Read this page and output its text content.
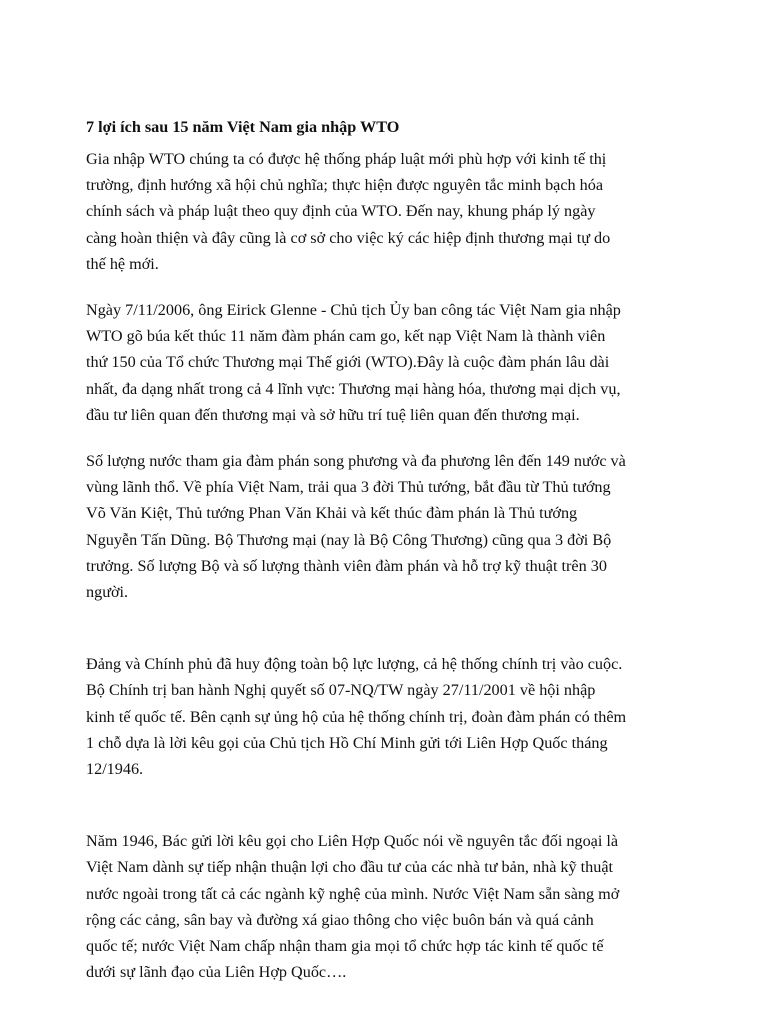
7 lợi ích sau 15 năm Việt Nam gia nhập WTO

Gia nhập WTO chúng ta có được hệ thống pháp luật mới phù hợp với kinh tế thị
trường, định hướng xã hội chủ nghĩa; thực hiện được nguyên tắc minh bạch hóa
chính sách và pháp luật theo quy định của WTO. Đến nay, khung pháp lý ngày
càng hoàn thiện và đây cũng là cơ sở cho việc ký các hiệp định thương mại tự do
thế hệ mới.

Ngày 7/11/2006, ông Eirick Glenne - Chủ tịch Ủy ban công tác Việt Nam gia nhập
WTO gõ búa kết thúc 11 năm đàm phán cam go, kết nạp Việt Nam là thành viên
thứ 150 của Tổ chức Thương mại Thế giới (WTO).Đây là cuộc đàm phán lâu dài
nhất, đa dạng nhất trong cả 4 lĩnh vực: Thương mại hàng hóa, thương mại dịch vụ,
đầu tư liên quan đến thương mại và sở hữu trí tuệ liên quan đến thương mại.

Số lượng nước tham gia đàm phán song phương và đa phương lên đến 149 nước và
vùng lãnh thổ. Về phía Việt Nam, trải qua 3 đời Thủ tướng, bắt đầu từ Thủ tướng
Võ Văn Kiệt, Thủ tướng Phan Văn Khải và kết thúc đàm phán là Thủ tướng
Nguyễn Tấn Dũng. Bộ Thương mại (nay là Bộ Công Thương) cũng qua 3 đời Bộ
trưởng. Số lượng Bộ và số lượng thành viên đàm phán và hỗ trợ kỹ thuật trên 30
người.

Đảng và Chính phủ đã huy động toàn bộ lực lượng, cả hệ thống chính trị vào cuộc.
Bộ Chính trị ban hành Nghị quyết số 07-NQ/TW ngày 27/11/2001 về hội nhập
kinh tế quốc tế. Bên cạnh sự ủng hộ của hệ thống chính trị, đoàn đàm phán có thêm
1 chỗ dựa là lời kêu gọi của Chủ tịch Hồ Chí Minh gửi tới Liên Hợp Quốc tháng
12/1946.

Năm 1946, Bác gửi lời kêu gọi cho Liên Hợp Quốc nói về nguyên tắc đối ngoại là
Việt Nam dành sự tiếp nhận thuận lợi cho đầu tư của các nhà tư bản, nhà kỹ thuật
nước ngoài trong tất cả các ngành kỹ nghệ của mình. Nước Việt Nam sẵn sàng mở
rộng các cảng, sân bay và đường xá giao thông cho việc buôn bán và quá cảnh
quốc tế; nước Việt Nam chấp nhận tham gia mọi tổ chức hợp tác kinh tế quốc tế
dưới sự lãnh đạo của Liên Hợp Quốc….
